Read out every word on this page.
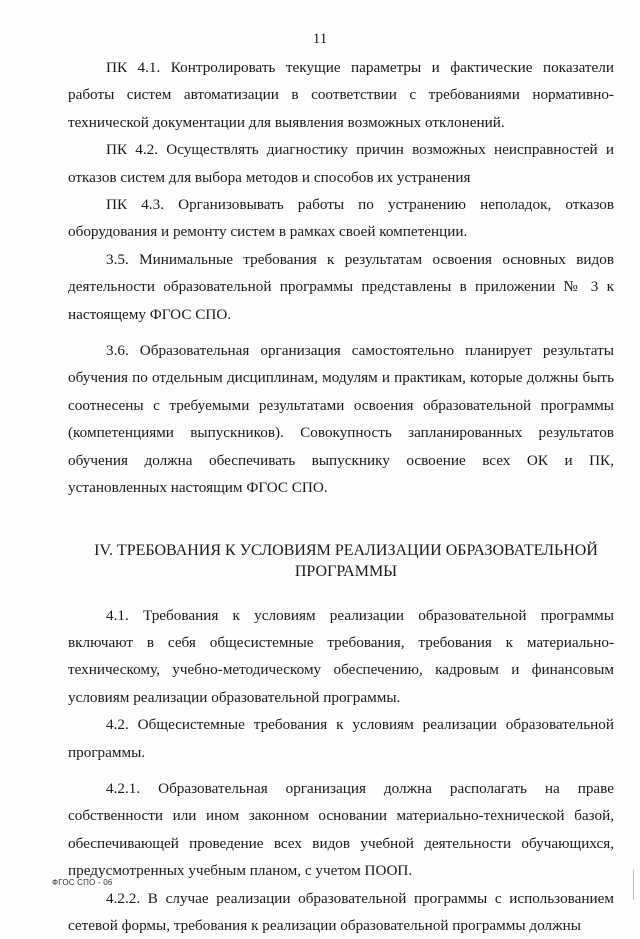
11

ПК 4.1. Контролировать текущие параметры и фактические показатели работы систем автоматизации в соответствии с требованиями нормативно-технической документации для выявления возможных отклонений.

ПК 4.2. Осуществлять диагностику причин возможных неисправностей и отказов систем для выбора методов и способов их устранения

ПК 4.3. Организовывать работы по устранению неполадок, отказов оборудования и ремонту систем в рамках своей компетенции.

3.5. Минимальные требования к результатам освоения основных видов деятельности образовательной программы представлены в приложении № 3 к настоящему ФГОС СПО.

3.6. Образовательная организация самостоятельно планирует результаты обучения по отдельным дисциплинам, модулям и практикам, которые должны быть соотнесены с требуемыми результатами освоения образовательной программы (компетенциями выпускников). Совокупность запланированных результатов обучения должна обеспечивать выпускнику освоение всех ОК и ПК, установленных настоящим ФГОС СПО.

IV. ТРЕБОВАНИЯ К УСЛОВИЯМ РЕАЛИЗАЦИИ ОБРАЗОВАТЕЛЬНОЙ ПРОГРАММЫ

4.1. Требования к условиям реализации образовательной программы включают в себя общесистемные требования, требования к материально-техническому, учебно-методическому обеспечению, кадровым и финансовым условиям реализации образовательной программы.

4.2. Общесистемные требования к условиям реализации образовательной программы.

4.2.1. Образовательная организация должна располагать на праве собственности или ином законном основании материально-технической базой, обеспечивающей проведение всех видов учебной деятельности обучающихся, предусмотренных учебным планом, с учетом ПООП.

4.2.2. В случае реализации образовательной программы с использованием сетевой формы, требования к реализации образовательной программы должны

ФГОС СПО - 06
